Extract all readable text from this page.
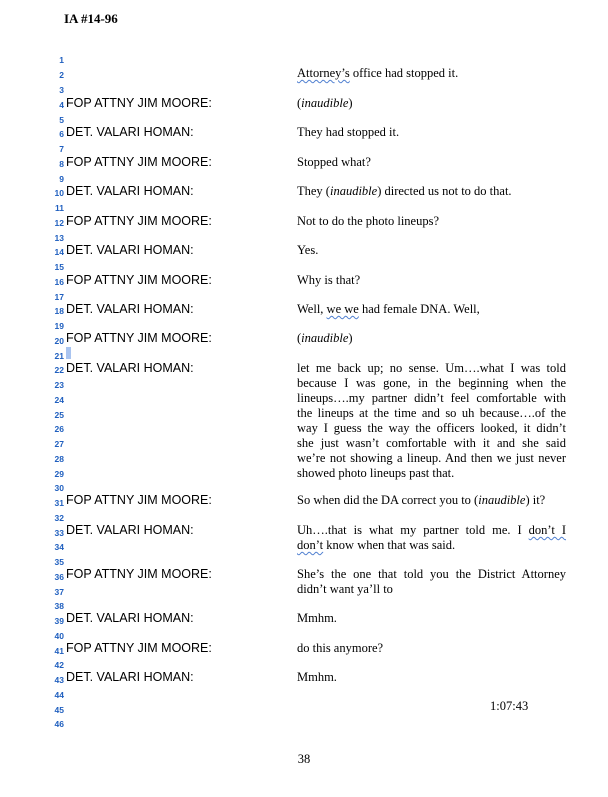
IA #14-96
1
2
3
4
5
6
7
8
9
10
11
12
13
14
15
16
17
18
19
20
21
22
23
24
25
26
27
28
29
30
31
32
33
34
35
36
37
38
39
40
41
42
43
44
45
46
Attorney’s office had stopped it.
FOP ATTNY JIM MOORE:	(inaudible)
DET. VALARI HOMAN:	They had stopped it.
FOP ATTNY JIM MOORE:	Stopped what?
DET. VALARI HOMAN:	They (inaudible) directed us not to do that.
FOP ATTNY JIM MOORE:	Not to do the photo lineups?
DET. VALARI HOMAN:	Yes.
FOP ATTNY JIM MOORE:	Why is that?
DET. VALARI HOMAN:	Well, we we had female DNA. Well,
FOP ATTNY JIM MOORE:	(inaudible)
DET. VALARI HOMAN:	let me back up; no sense. Um….what I was told
because I was gone, in the beginning when the
lineups….my partner didn’t feel comfortable with
the lineups at the time and so uh because….of the
way I guess the way the officers looked, it didn’t
she just wasn’t comfortable with it and she said
we’re not showing a lineup. And then we just never
showed photo lineups past that.
FOP ATTNY JIM MOORE:	So when did the DA correct you to (inaudible) it?
DET. VALARI HOMAN:	Uh….that is what my partner told me. I don’t I
don’t know when that was said.
FOP ATTNY JIM MOORE:	She’s the one that told you the District Attorney
didn’t want ya’ll to
DET. VALARI HOMAN:	Mmhm.
FOP ATTNY JIM MOORE:	do this anymore?
DET. VALARI HOMAN:	Mmhm.
1:07:43
38
